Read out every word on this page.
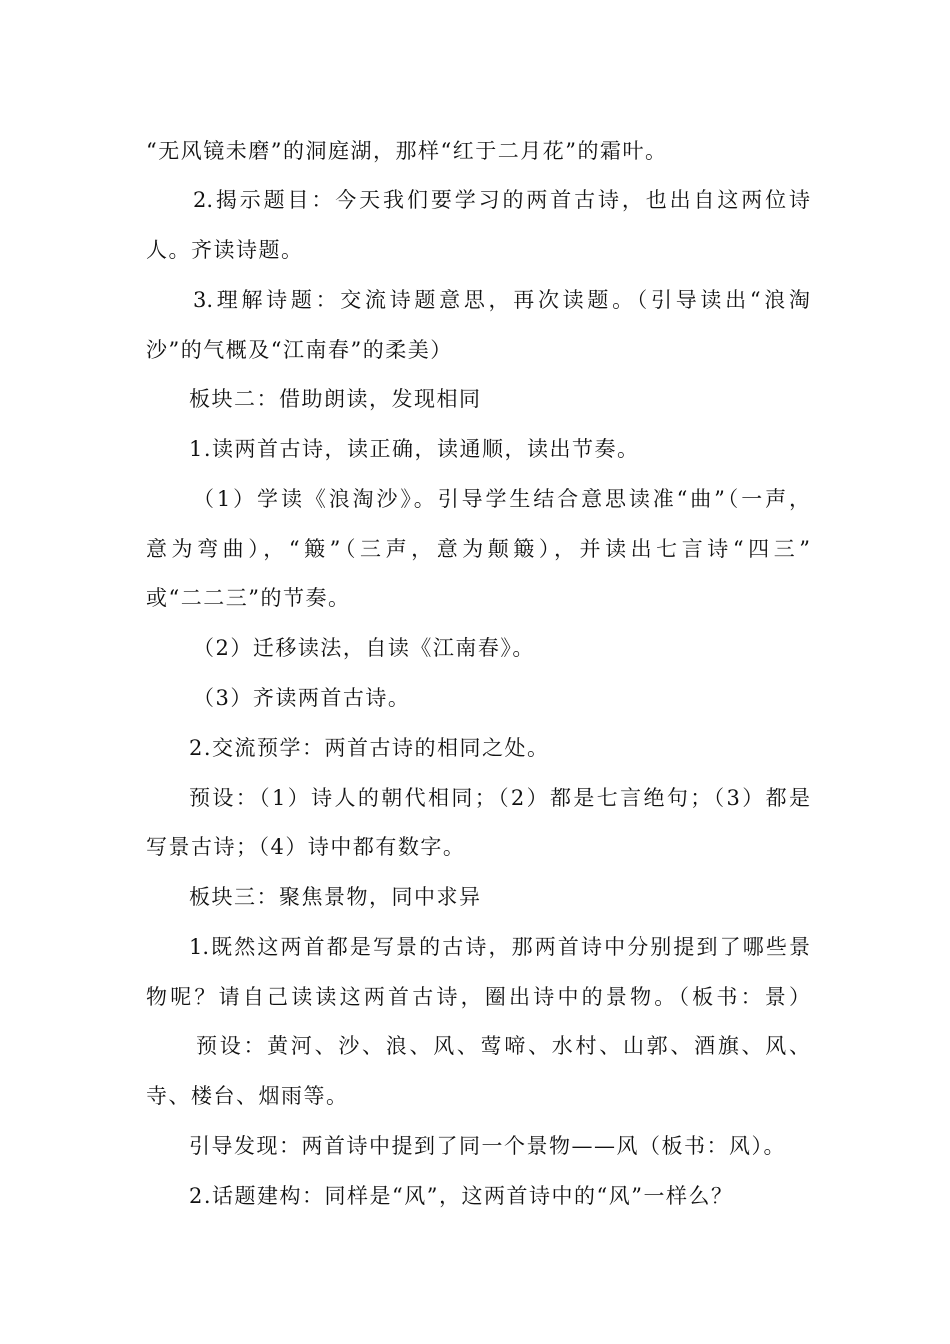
“无风镜未磨”的洞庭湖，那样“红于二月花”的霜叶。
2.揭示题目：今天我们要学习的两首古诗，也出自这两位诗
人。齐读诗题。
3.理解诗题：交流诗题意思，再次读题。（引导读出“浪淘
沙”的气概及“江南春”的柔美）
板块二：借助朗读，发现相同
1.读两首古诗，读正确，读通顺，读出节奏。
（1）学读《浪淘沙》。引导学生结合意思读准“曲”（一声，
意为弯曲），“簸”（三声，意为颠簸），并读出七言诗“四三”
或“二二三”的节奏。
（2）迁移读法，自读《江南春》。
（3）齐读两首古诗。
2.交流预学：两首古诗的相同之处。
预设：（1）诗人的朝代相同；（2）都是七言绝句；（3）都是
写景古诗；（4）诗中都有数字。
板块三：聚焦景物，同中求异
1.既然这两首都是写景的古诗，那两首诗中分别提到了哪些景
物呢？请自己读读这两首古诗，圈出诗中的景物。（板书：景）
预设：黄河、沙、浪、风、莺啼、水村、山郭、酒旗、风、
寺、楼台、烟雨等。
引导发现：两首诗中提到了同一个景物——风（板书：风）。
2.话题建构：同样是“风”，这两首诗中的“风”一样么？
